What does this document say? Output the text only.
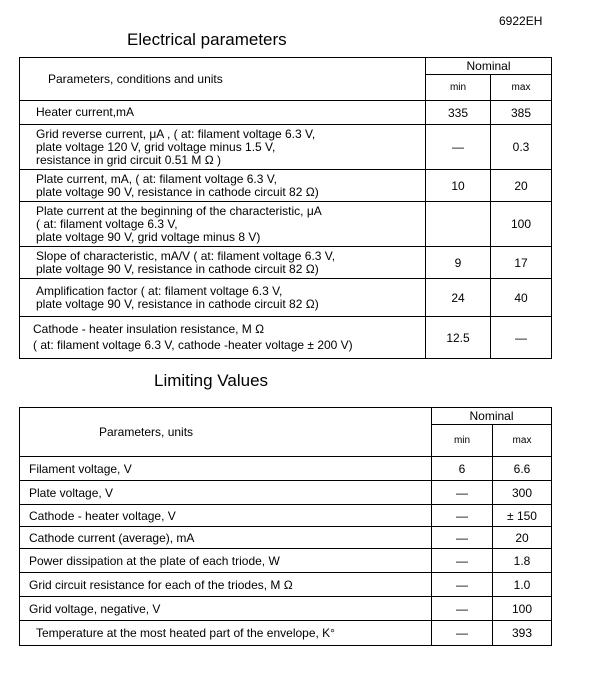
6922EH
Electrical parameters
Parameters, conditions and units	Nominal	
	min	max

Heater current,mA	335	385

Grid reverse current, μA , ( at: filament voltage 6.3 V,
plate voltage 120 V, grid voltage minus 1.5 V,
resistance in grid circuit 0.51 M Ω )	—	0.3

Plate current, mA, ( at: filament voltage 6.3 V,
plate voltage 90 V, resistance in cathode circuit 82 Ω)	10	20

Plate current at the beginning of the characteristic, μA
( at: filament voltage 6.3 V,
plate voltage 90 V, grid voltage minus 8 V)		100

Slope of characteristic, mA/V ( at: filament voltage 6.3 V,
plate voltage 90 V, resistance in cathode circuit 82 Ω)	9	17

Amplification factor ( at: filament voltage 6.3 V,
plate voltage 90 V, resistance in cathode circuit 82 Ω)	24	40

Cathode - heater insulation resistance, M Ω
( at: filament voltage 6.3 V, cathode -heater voltage ± 200 V)	12.5	—
Limiting Values
Parameters, units	Nominal	
	min	max
Filament voltage, V	6	6.6
Plate voltage, V	—	300
Cathode - heater voltage, V	—	± 150
Cathode current (average), mA	—	20
Power dissipation at the plate of each triode, W	—	1.8
Grid circuit resistance for each of the triodes, M Ω	—	1.0
Grid voltage, negative, V	—	100
Temperature at the most heated part of the envelope, K°	—	393
